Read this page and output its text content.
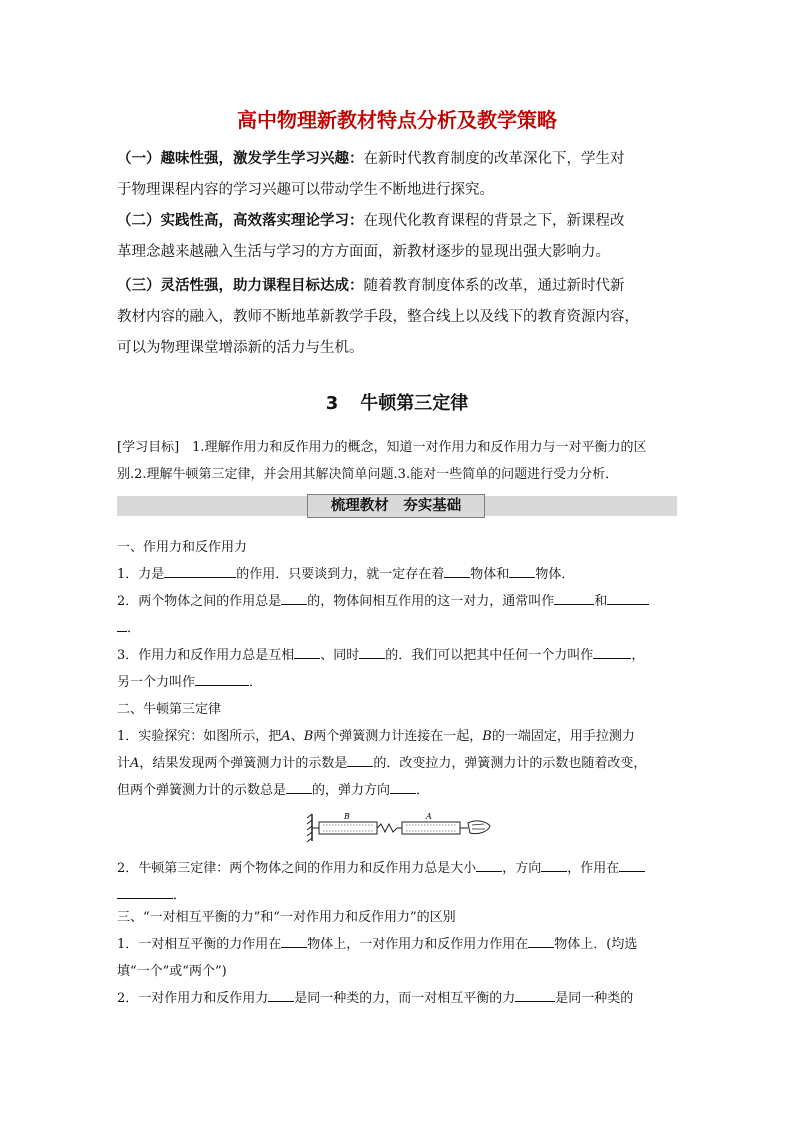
高中物理新教材特点分析及教学策略

（一）趣味性强，激发学生学习兴趣：在新时代教育制度的改革深化下，学生对

于物理课程内容的学习兴趣可以带动学生不断地进行探究。

（二）实践性高，高效落实理论学习：在现代化教育课程的背景之下，新课程改

革理念越来越融入生活与学习的方方面面，新教材逐步的显现出强大影响力。

（三）灵活性强，助力课程目标达成：随着教育制度体系的改革，通过新时代新

教材内容的融入，教师不断地革新教学手段，整合线上以及线下的教育资源内容，

可以为物理课堂增添新的活力与生机。

3 牛顿第三定律
[学习目标]　1.理解作用力和反作用力的概念，知道一对作用力和反作用力与一对平衡力的区
别.2.理解牛顿第三定律，并会用其解决简单问题.3.能对一些简单的问题进行受力分析．
梳理教材　夯实基础
一、作用力和反作用力
1．力是	的作用．只要谈到力，就一定存在着 物体和 物体．
2．两个物体之间的作用总是 的，物体间相互作用的这一对力，通常叫作	和
．
3．作用力和反作用力总是互相 、同时 的．我们可以把其中任何一个力叫作	，
另一个力叫作	．
二、牛顿第三定律
1．实验探究：如图所示，把A、B两个弹簧测力计连接在一起，B的一端固定，用手拉测力
计A，结果发现两个弹簧测力计的示数是 的．改变拉力，弹簧测力计的示数也随着改变，
但两个弹簧测力计的示数总是 的，弹力方向 ．
B	A
2．牛顿第三定律：两个物体之间的作用力和反作用力总是大小 ，方向 ，作用在
．
三、“一对相互平衡的力”和“一对作用力和反作用力”的区别
1．一对相互平衡的力作用在 物体上，一对作用力和反作用力作用在 物体上．(均选
填“一个”或“两个”)
2．一对作用力和反作用力 是同一种类的力，而一对相互平衡的力	是同一种类的
